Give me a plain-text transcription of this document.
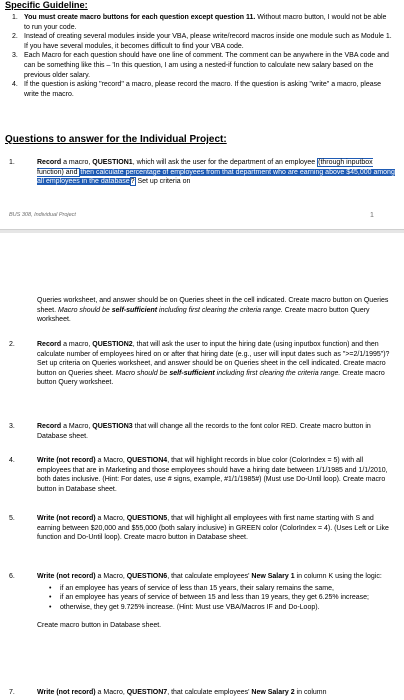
Specific Guideline:
1. You must create macro buttons for each question except question 11. Without macro button, I would not be able to run your code.
2. Instead of creating several modules inside your VBA, please write/record macros inside one module such as Module 1. If you have several modules, it becomes difficult to find your VBA code.
3. Each Macro for each question should have one line of comment. The comment can be anywhere in the VBA code and can be something like this – 'In this question, I am using a nested-if function to calculate new salary based on the previous older salary.
4. If the question is asking "record" a macro, please record the macro. If the question is asking "write" a macro, please write the macro.
Questions to answer for the Individual Project:
1.	Record a macro, QUESTION1, which will ask the user for the department of an employee (through inputbox function) and then calculate percentage of employees from that department who are earning above $45,000 among all employees in the database? Set up criteria on
BUS 308, Individual Project	1
Queries worksheet, and answer should be on Queries sheet in the cell indicated. Create macro button on Queries sheet. Macro should be self-sufficient including first clearing the criteria range. Create macro button Query worksheet.
2.	Record a macro, QUESTION2, that will ask the user to input the hiring date (using inputbox function) and then calculate number of employees hired on or after that hiring date (e.g., user will input dates such as ">=2/1/1995")? Set up criteria on Queries worksheet, and answer should be on Queries sheet in the cell indicated. Create macro button on Queries sheet. Macro should be self-sufficient including first clearing the criteria range. Create macro button Query worksheet.
3.	Record a Macro, QUESTION3 that will change all the records to the font color RED. Create macro button in Database sheet.
4.	Write (not record) a Macro, QUESTION4, that will highlight records in blue color (ColorIndex = 5) with all employees that are in Marketing and those employees should have a hiring date between 1/1/1985 and 1/1/2010, both dates inclusive. (Hint: For dates, use # signs, example, #1/1/1985#) (Must use Do-Until loop). Create macro button in Database sheet.
5.	Write (not record) a Macro, QUESTION5, that will highlight all employees with first name starting with S and earning between $20,000 and $55,000 (both salary inclusive) in GREEN color (ColorIndex = 4). (Uses Left or Like function and Do-Until loop). Create macro button in Database sheet.
6.	Write (not record) a Macro, QUESTION6, that calculate employees' New Salary 1 in column K using the logic:
• if an employee has years of service of less than 15 years, their salary remains the same,
• if an employee has years of service of between 15 and less than 19 years, they get 6.25% increase;
• otherwise, they get 9.725% increase. (Hint: Must use VBA/Macros IF and Do-Loop).
Create macro button in Database sheet.
7.	Write (not record) a Macro, QUESTION7, that calculate employees' New Salary 2 in column
